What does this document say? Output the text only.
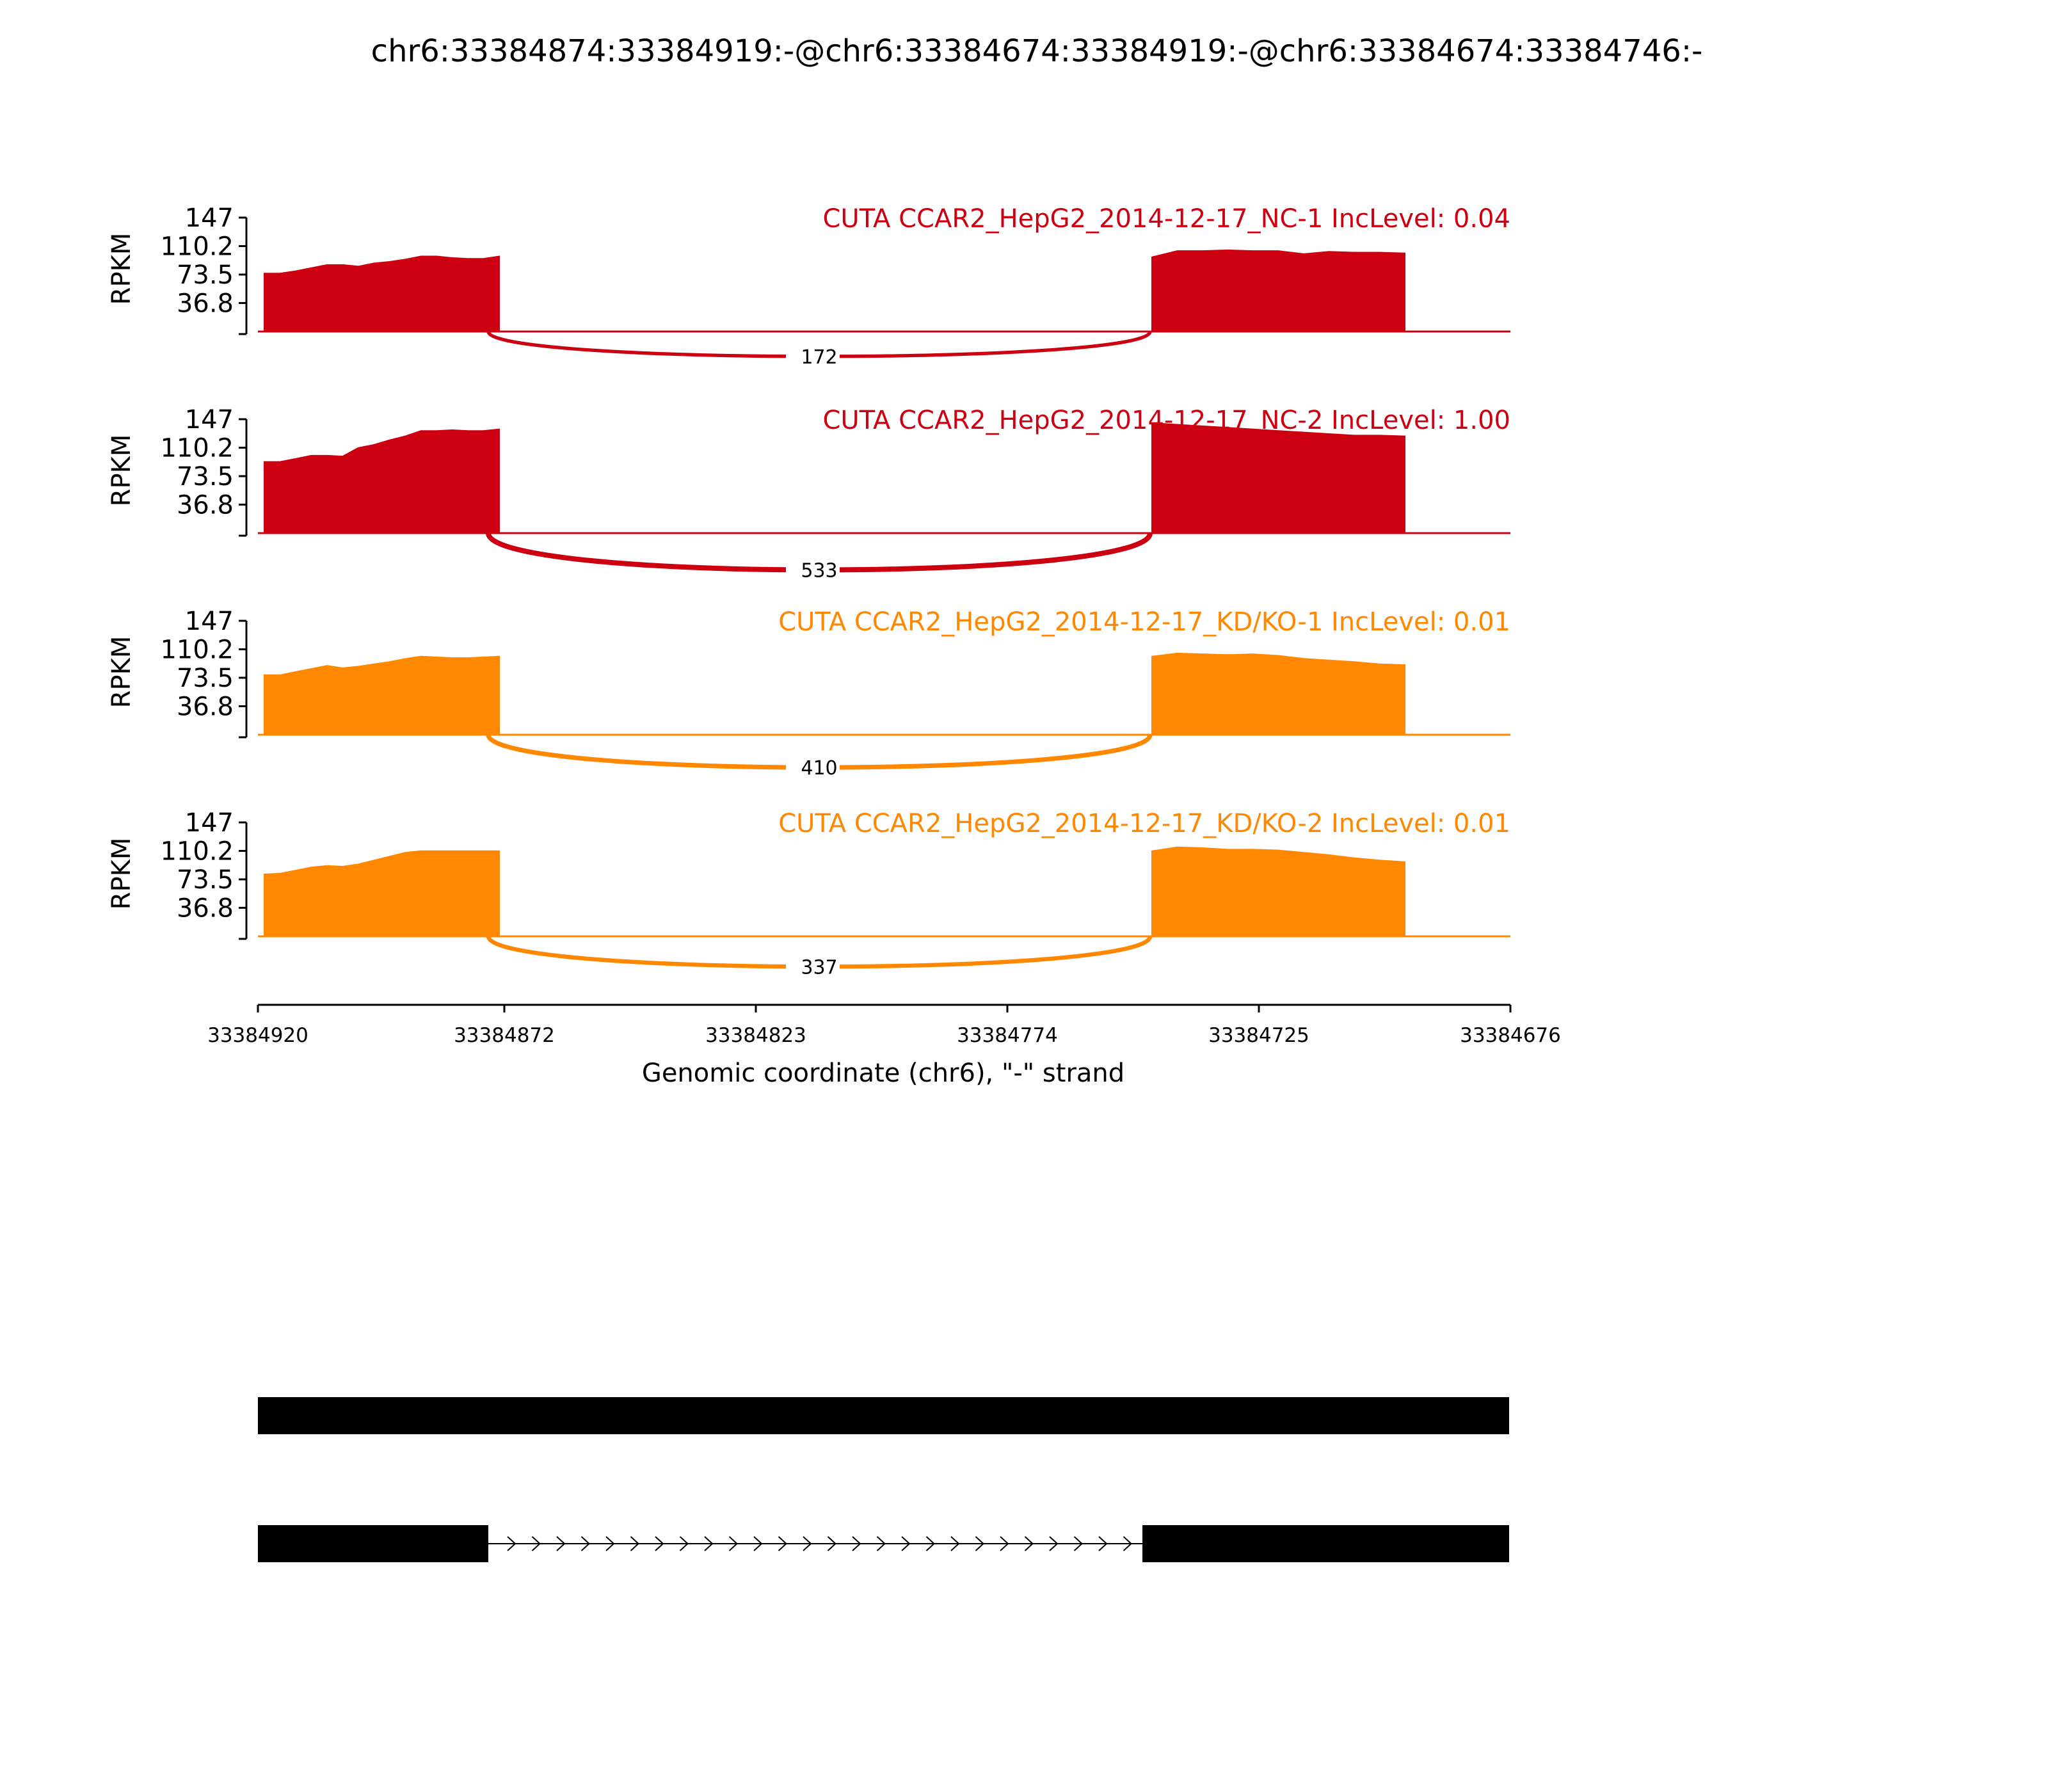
chr6:33384874:33384919:-@chr6:33384674:33384919:-@chr6:33384674:33384746:-
147
110.2
73.5
36.8
RPKM
172
CUTA CCAR2_HepG2_2014-12-17_NC-1 IncLevel: 0.04
147
110.2
73.5
36.8
RPKM
533
CUTA CCAR2_HepG2_2014-12-17_NC-2 IncLevel: 1.00
147
110.2
73.5
36.8
RPKM
410
CUTA CCAR2_HepG2_2014-12-17_KD/KO-1 IncLevel: 0.01
147
110.2
73.5
36.8
RPKM
337
CUTA CCAR2_HepG2_2014-12-17_KD/KO-2 IncLevel: 0.01
33384920	33384872	33384823	33384774	33384725	33384676
Genomic coordinate (chr6), "-" strand
